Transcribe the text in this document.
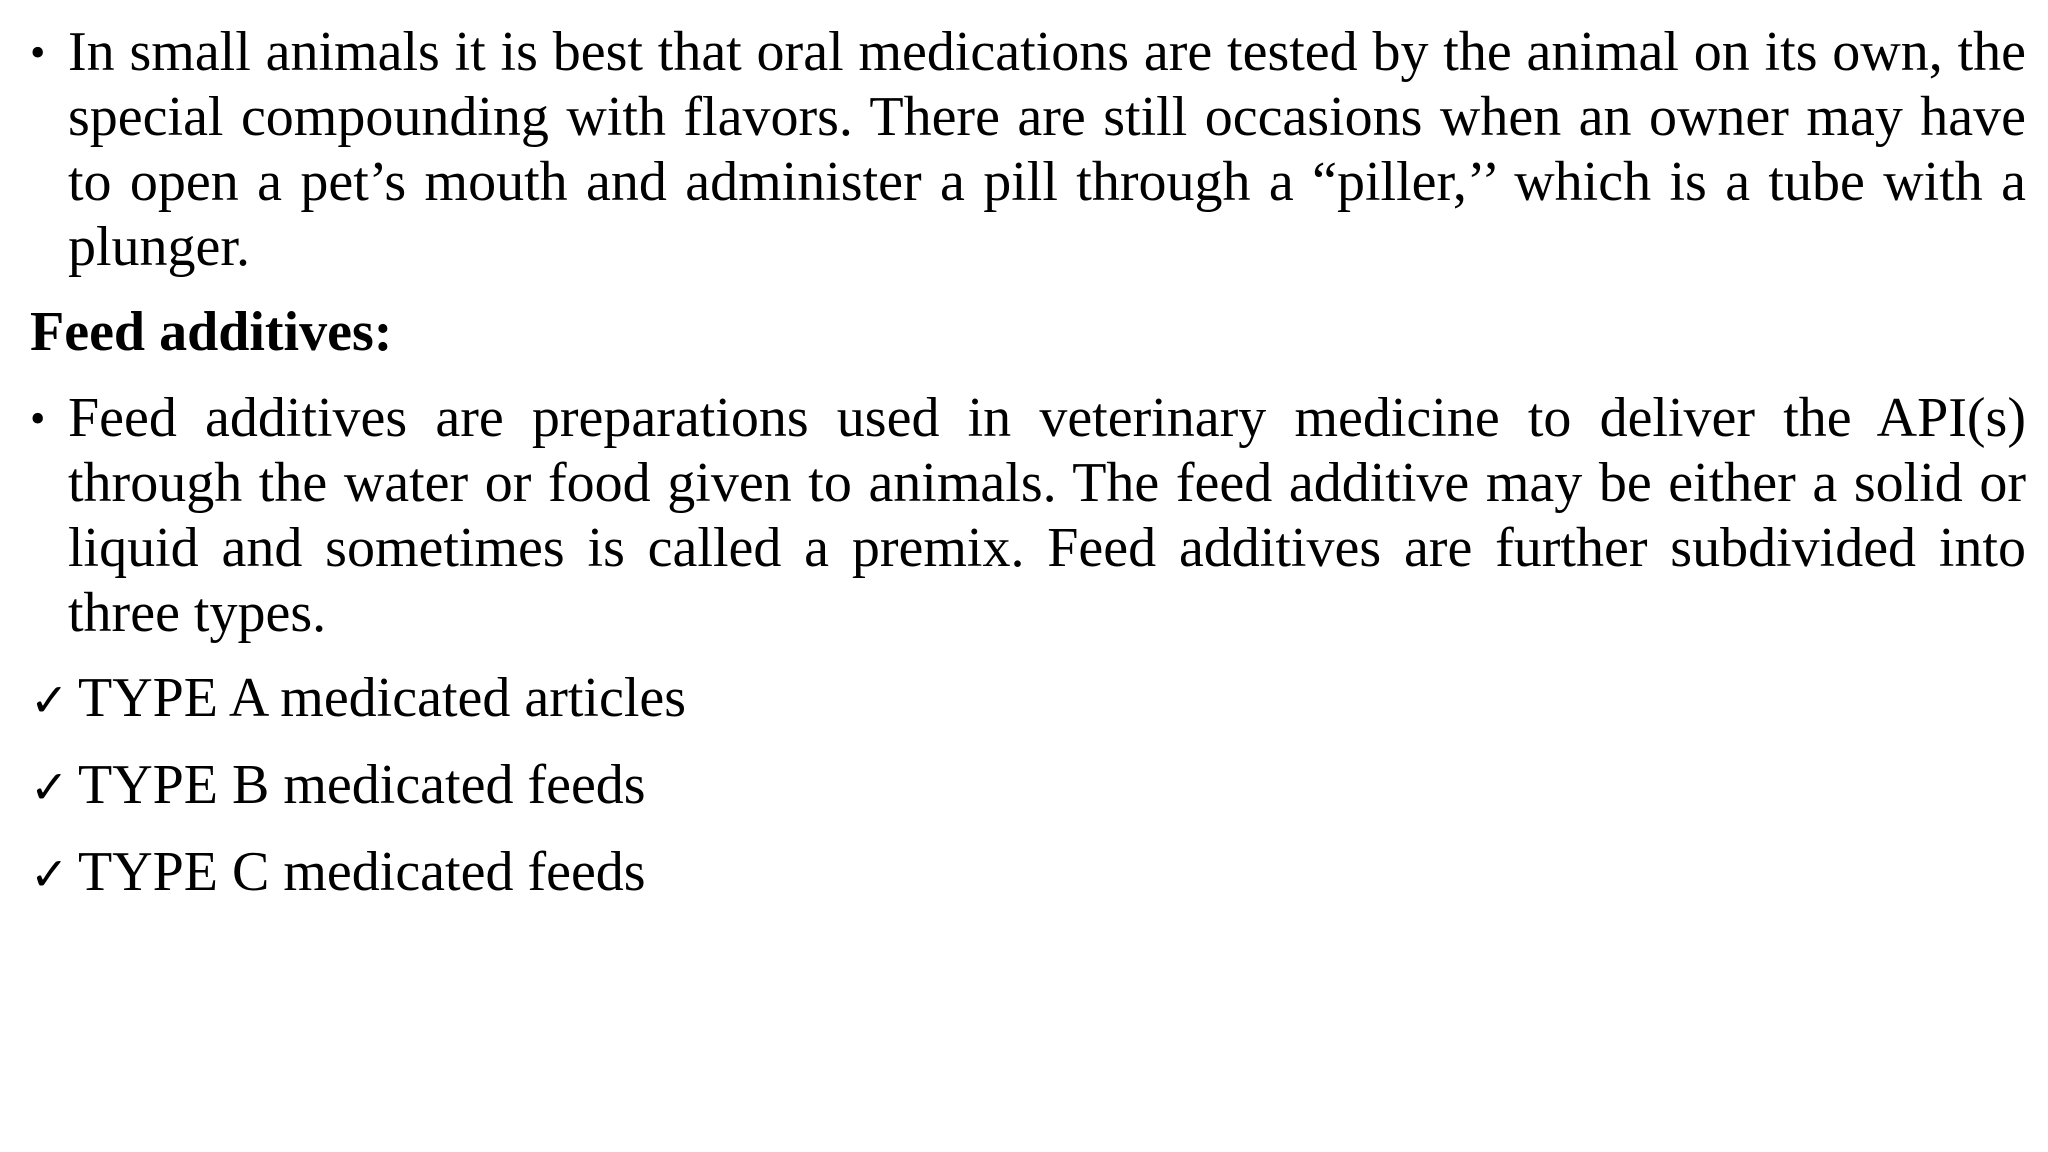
• In small animals it is best that oral medications are tested by the animal on its own, the special compounding with flavors. There are still occasions when an owner may have to open a pet’s mouth and administer a pill through a “piller,’’ which is a tube with a plunger.
Feed additives:
• Feed additives are preparations used in veterinary medicine to deliver the API(s) through the water or food given to animals. The feed additive may be either a solid or liquid and sometimes is called a premix. Feed additives are further subdivided into three types.
✓ TYPE A medicated articles
✓ TYPE B medicated feeds
✓ TYPE C medicated feeds
